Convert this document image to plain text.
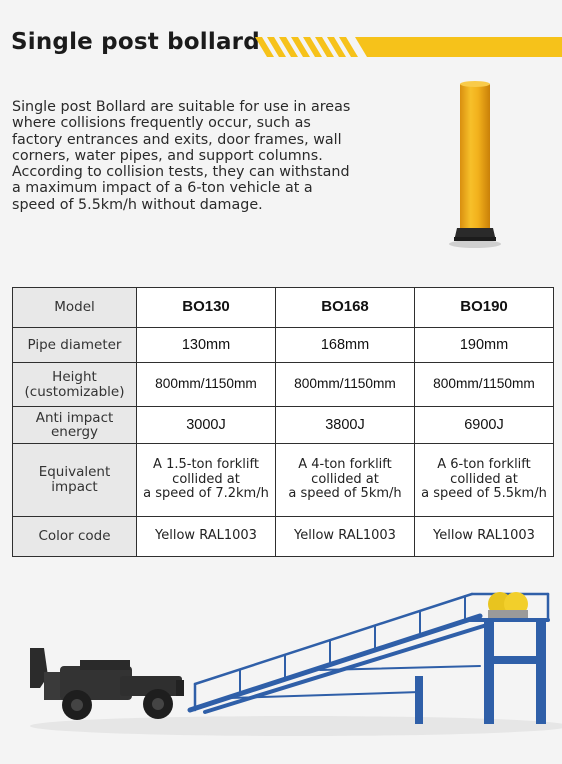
Single post bollard
Single post Bollard are suitable for use in areas
where collisions frequently occur, such as
factory entrances and exits, door frames, wall
corners, water pipes, and support columns.
According to collision tests, they can withstand
a maximum impact of a 6-ton vehicle at a
speed of 5.5km/h without damage.
Model	BO130	BO168	BO190
Pipe diameter	130mm	168mm	190mm

Height
(customizable)	800mm/1150mm	800mm/1150mm	800mm/1150mm

Anti impact
energy	3000J	3800J	6900J

Equivalent
impact	A 1.5-ton forklift
collided at
a speed of 7.2km/h	A 4-ton forklift
collided at
a speed of 5km/h	A 6-ton forklift
collided at
a speed of 5.5km/h

Color code	Yellow RAL1003	Yellow RAL1003	Yellow RAL1003
